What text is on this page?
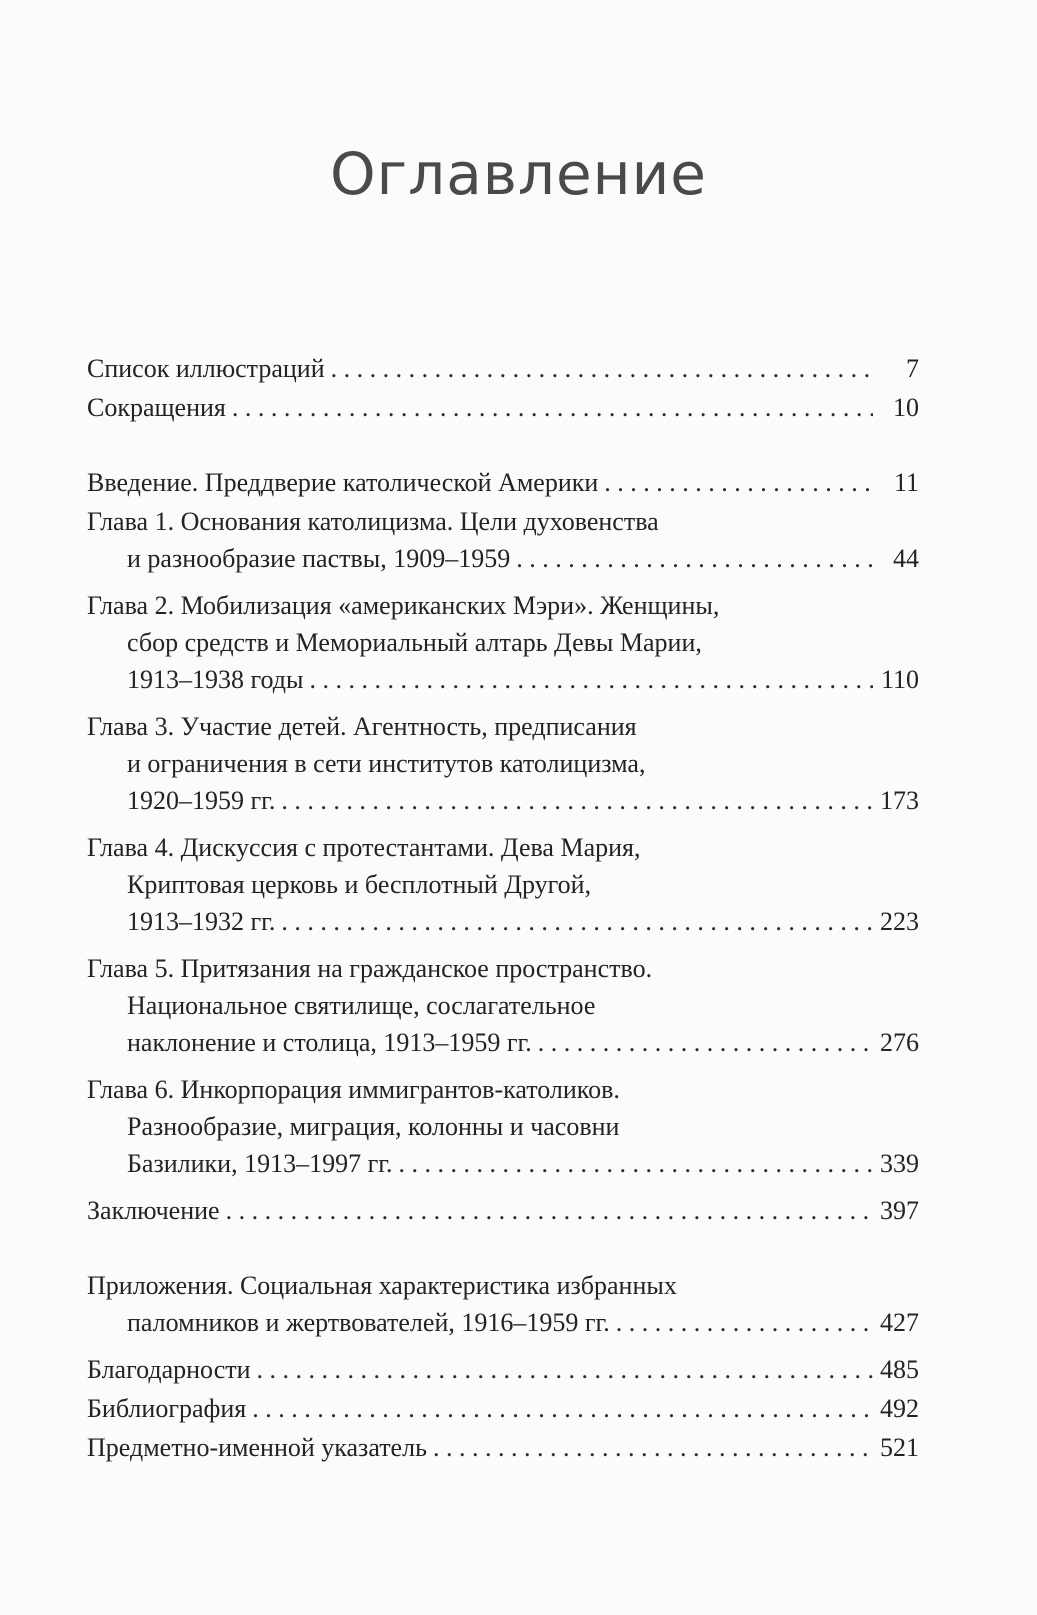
Оглавление
Список иллюстраций . . .	7
Сокращения . . .	10
Введение. Преддверие католической Америки . . .	11
Глава 1. Основания католицизма. Цели духовенства
и разнообразие паствы, 1909–1959 . . .	44
Глава 2. Мобилизация «американских Мэри». Женщины,
сбор средств и Мемориальный алтарь Девы Марии,
1913–1938 годы . . .	110
Глава 3. Участие детей. Агентность, предписания
и ограничения в сети институтов католицизма,
1920–1959 гг. . . .	173
Глава 4. Дискуссия с протестантами. Дева Мария,
Криптовая церковь и бесплотный Другой,
1913–1932 гг. . . .	223
Глава 5. Притязания на гражданское пространство.
Национальное святилище, сослагательное
наклонение и столица, 1913–1959 гг. . . .	276
Глава 6. Инкорпорация иммигрантов-католиков.
Разнообразие, миграция, колонны и часовни
Базилики, 1913–1997 гг. . . .	339
Заключение . . .	397
Приложения. Социальная характеристика избранных
паломников и жертвователей, 1916–1959 гг. . . .	427
Благодарности . . .	485
Библиография . . .	492
Предметно-именной указатель . . .	521
